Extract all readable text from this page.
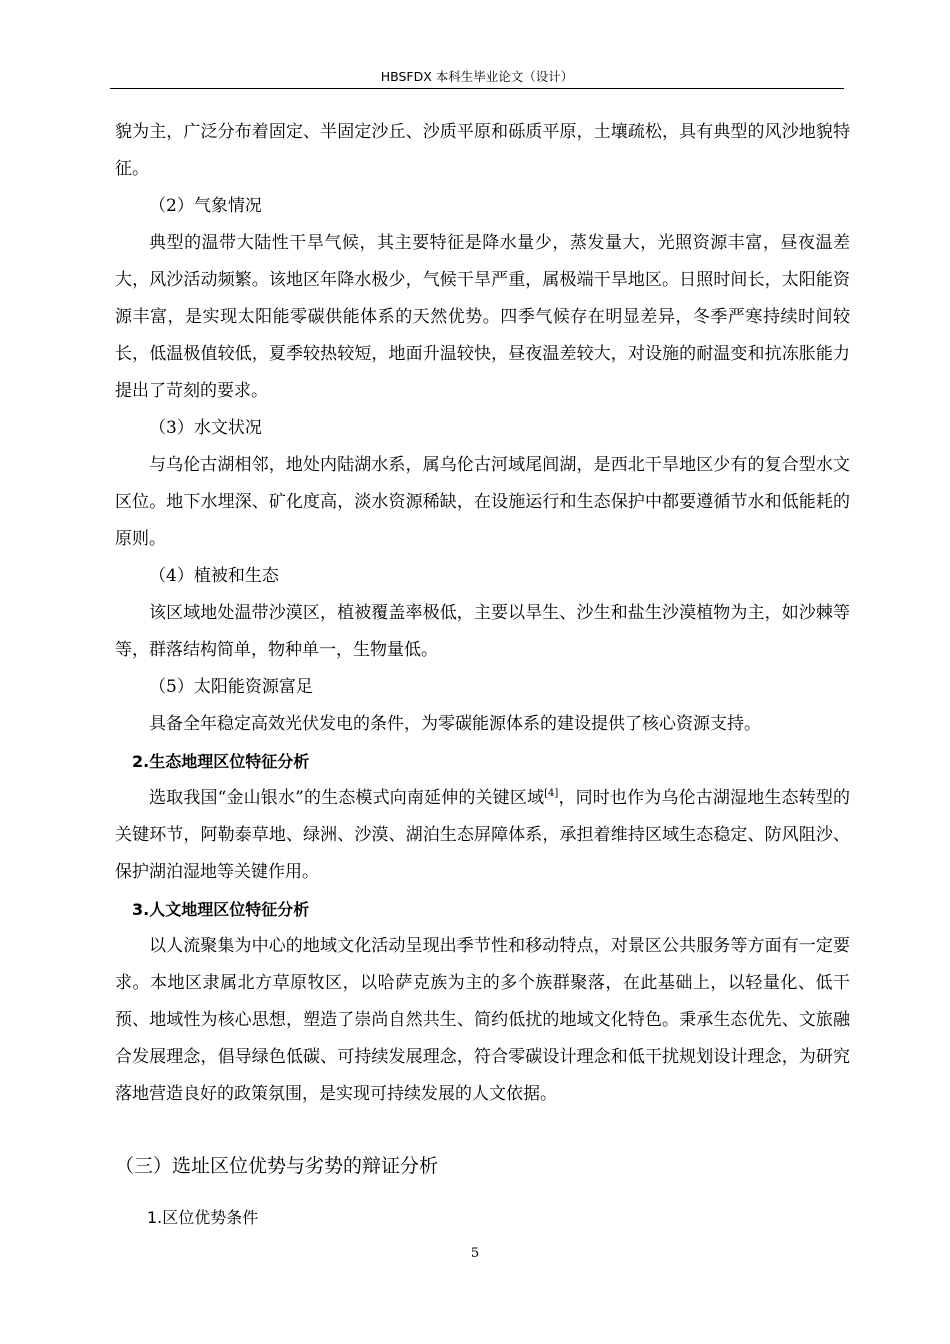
HBSFDX 本科生毕业论文（设计）

貌为主，广泛分布着固定、半固定沙丘、沙质平原和砾质平原，土壤疏松，具有典型的风沙地貌特征。

（2）气象情况

典型的温带大陆性干旱气候，其主要特征是降水量少，蒸发量大，光照资源丰富，昼夜温差大，风沙活动频繁。该地区年降水极少，气候干旱严重，属极端干旱地区。日照时间长，太阳能资源丰富，是实现太阳能零碳供能体系的天然优势。四季气候存在明显差异，冬季严寒持续时间较长，低温极值较低，夏季较热较短，地面升温较快，昼夜温差较大，对设施的耐温变和抗冻胀能力提出了苛刻的要求。

（3）水文状况

与乌伦古湖相邻，地处内陆湖水系，属乌伦古河域尾闾湖，是西北干旱地区少有的复合型水文区位。地下水埋深、矿化度高，淡水资源稀缺，在设施运行和生态保护中都要遵循节水和低能耗的原则。

（4）植被和生态

该区域地处温带沙漠区，植被覆盖率极低，主要以旱生、沙生和盐生沙漠植物为主，如沙棘等等，群落结构简单，物种单一，生物量低。

（5）太阳能资源富足

具备全年稳定高效光伏发电的条件，为零碳能源体系的建设提供了核心资源支持。

2.生态地理区位特征分析

选取我国“金山银水”的生态模式向南延伸的关键区域[4]，同时也作为乌伦古湖湿地生态转型的关键环节，阿勒泰草地、绿洲、沙漠、湖泊生态屏障体系，承担着维持区域生态稳定、防风阻沙、保护湖泊湿地等关键作用。

3.人文地理区位特征分析

以人流聚集为中心的地域文化活动呈现出季节性和移动特点，对景区公共服务等方面有一定要求。本地区隶属北方草原牧区，以哈萨克族为主的多个族群聚落，在此基础上，以轻量化、低干预、地域性为核心思想，塑造了崇尚自然共生、简约低扰的地域文化特色。秉承生态优先、文旅融合发展理念，倡导绿色低碳、可持续发展理念，符合零碳设计理念和低干扰规划设计理念，为研究落地营造良好的政策氛围，是实现可持续发展的人文依据。

（三）选址区位优势与劣势的辩证分析

1.区位优势条件

5
